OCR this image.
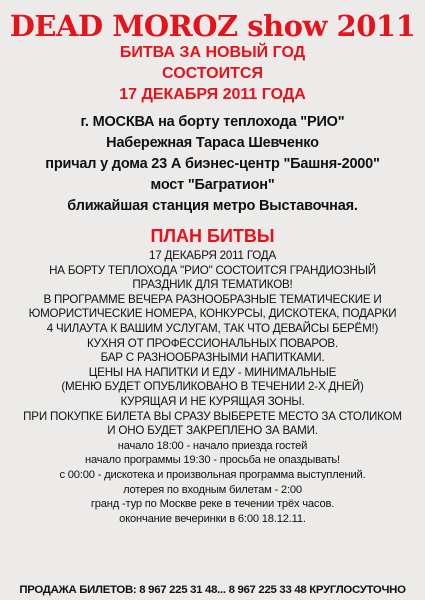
DEAD MOROZ show 2011
БИТВА ЗА НОВЫЙ ГОД
СОСТОИТСЯ
17 ДЕКАБРЯ 2011 ГОДА
г. МОСКВА на борту теплохода "РИО"
Набережная Тараса Шевченко
причал у дома 23 А биэнес-центр "Башня-2000"
мост "Багратион"
ближайшая станция метро Выставочная.
ПЛАН БИТВЫ
17 ДЕКАБРЯ 2011 ГОДА
НА БОРТУ ТЕПЛОХОДА "РИО" СОСТОИТСЯ ГРАНДИОЗНЫЙ
ПРАЗДНИК ДЛЯ ТЕМАТИКОВ!
В ПРОГРАММЕ ВЕЧЕРА РАЗНООБРАЗНЫЕ ТЕМАТИЧЕСКИЕ И
ЮМОРИСТИЧЕСКИЕ НОМЕРА, КОНКУРСЫ, ДИСКОТЕКА, ПОДАРКИ
4 ЧИЛАУТА К ВАШИМ УСЛУГАМ, ТАК ЧТО ДЕВАЙСЫ БЕРЁМ!)
КУХНЯ ОТ ПРОФЕССИОНАЛЬНЫХ ПОВАРОВ.
БАР С РАЗНООБРАЗНЫМИ НАПИТКАМИ.
ЦЕНЫ НА НАПИТКИ И ЕДУ - МИНИМАЛЬНЫЕ
(МЕНЮ БУДЕТ ОПУБЛИКОВАНО В ТЕЧЕНИИ 2-Х ДНЕЙ)
КУРЯЩАЯ И НЕ КУРЯЩАЯ ЗОНЫ.
ПРИ ПОКУПКЕ БИЛЕТА ВЫ СРАЗУ ВЫБЕРЕТЕ МЕСТО ЗА СТОЛИКОМ
И ОНО БУДЕТ ЗАКРЕПЛЕНО ЗА ВАМИ.
начало 18:00 - начало приезда гостей
начало программы 19:30 - просьба не опаздывать!
с 00:00 - дискотека и произвольная программа выступлений.
лотерея по входным билетам - 2:00
гранд -тур по Москве реке в течении трёх часов.
окончание вечеринки в 6:00 18.12.11.
ПРОДАЖА БИЛЕТОВ: 8 967 225 31 48... 8 967 225 33 48 КРУГЛОСУТОЧНО
